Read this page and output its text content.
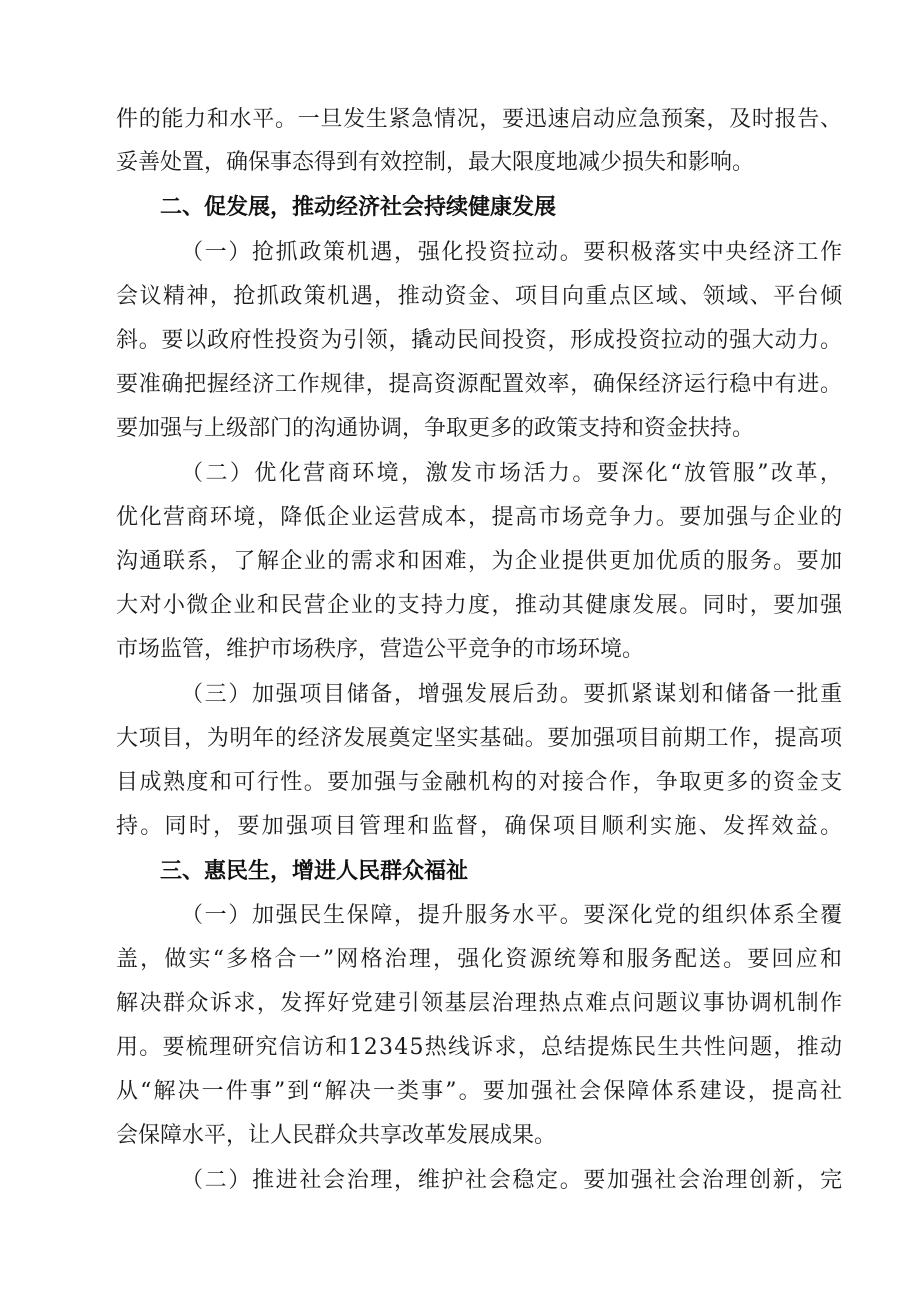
件的能力和水平。一旦发生紧急情况，要迅速启动应急预案，及时报告、
妥善处置，确保事态得到有效控制，最大限度地减少损失和影响。
二、促发展，推动经济社会持续健康发展
（一）抢抓政策机遇，强化投资拉动。要积极落实中央经济工作
会议精神，抢抓政策机遇，推动资金、项目向重点区域、领域、平台倾
斜。要以政府性投资为引领，撬动民间投资，形成投资拉动的强大动力。
要准确把握经济工作规律，提高资源配置效率，确保经济运行稳中有进。
要加强与上级部门的沟通协调，争取更多的政策支持和资金扶持。
（二）优化营商环境，激发市场活力。要深化“放管服”改革，
优化营商环境，降低企业运营成本，提高市场竞争力。要加强与企业的
沟通联系，了解企业的需求和困难，为企业提供更加优质的服务。要加
大对小微企业和民营企业的支持力度，推动其健康发展。同时，要加强
市场监管，维护市场秩序，营造公平竞争的市场环境。
（三）加强项目储备，增强发展后劲。要抓紧谋划和储备一批重
大项目，为明年的经济发展奠定坚实基础。要加强项目前期工作，提高项
目成熟度和可行性。要加强与金融机构的对接合作，争取更多的资金支
持。同时，要加强项目管理和监督，确保项目顺利实施、发挥效益。
三、惠民生，增进人民群众福祉
（一）加强民生保障，提升服务水平。要深化党的组织体系全覆
盖，做实“多格合一”网格治理，强化资源统筹和服务配送。要回应和
解决群众诉求，发挥好党建引领基层治理热点难点问题议事协调机制作
用。要梳理研究信访和12345热线诉求，总结提炼民生共性问题，推动
从“解决一件事”到“解决一类事”。要加强社会保障体系建设，提高社
会保障水平，让人民群众共享改革发展成果。
（二）推进社会治理，维护社会稳定。要加强社会治理创新，完
